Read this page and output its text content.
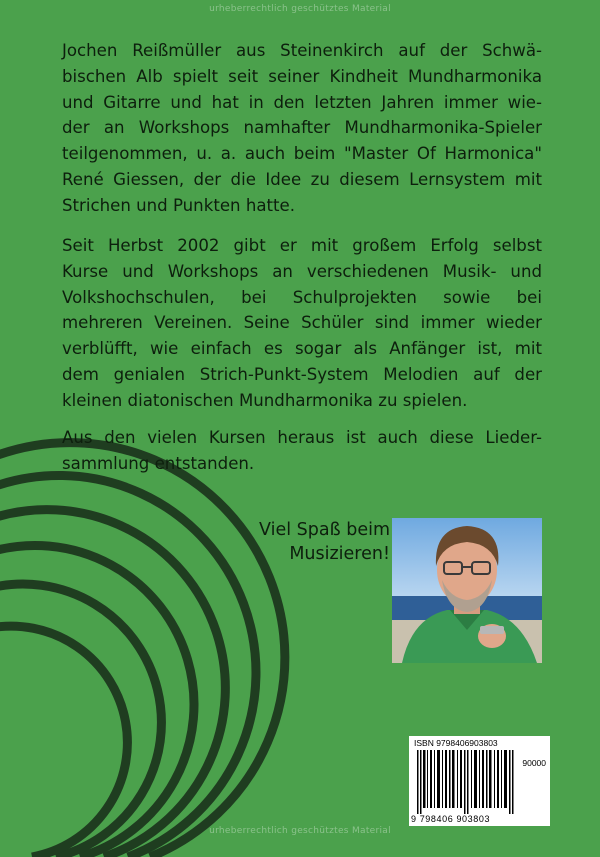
urheberrechtlich geschütztes Material
Jochen Reißmüller aus Steinenkirch auf der Schwä-
bischen Alb spielt seit seiner Kindheit Mundharmonika
und Gitarre und hat in den letzten Jahren immer wie-
der an Workshops namhafter Mundharmonika-Spieler
teilgenommen, u. a. auch beim "Master Of Harmonica"
René Giessen, der die Idee zu diesem Lernsystem mit
Strichen und Punkten hatte.
Seit Herbst 2002 gibt er mit großem Erfolg selbst
Kurse und Workshops an verschiedenen Musik- und
Volkshochschulen, bei Schulprojekten sowie bei
mehreren Vereinen. Seine Schüler sind immer wieder
verblüfft, wie einfach es sogar als Anfänger ist, mit
dem genialen Strich-Punkt-System Melodien auf der
kleinen diatonischen Mundharmonika zu spielen.
Aus den vielen Kursen heraus ist auch diese Lieder-
sammlung entstanden.
Viel Spaß beim
Musizieren!
ISBN 9798406903803
90000
9 798406 903803
urheberrechtlich geschütztes Material
